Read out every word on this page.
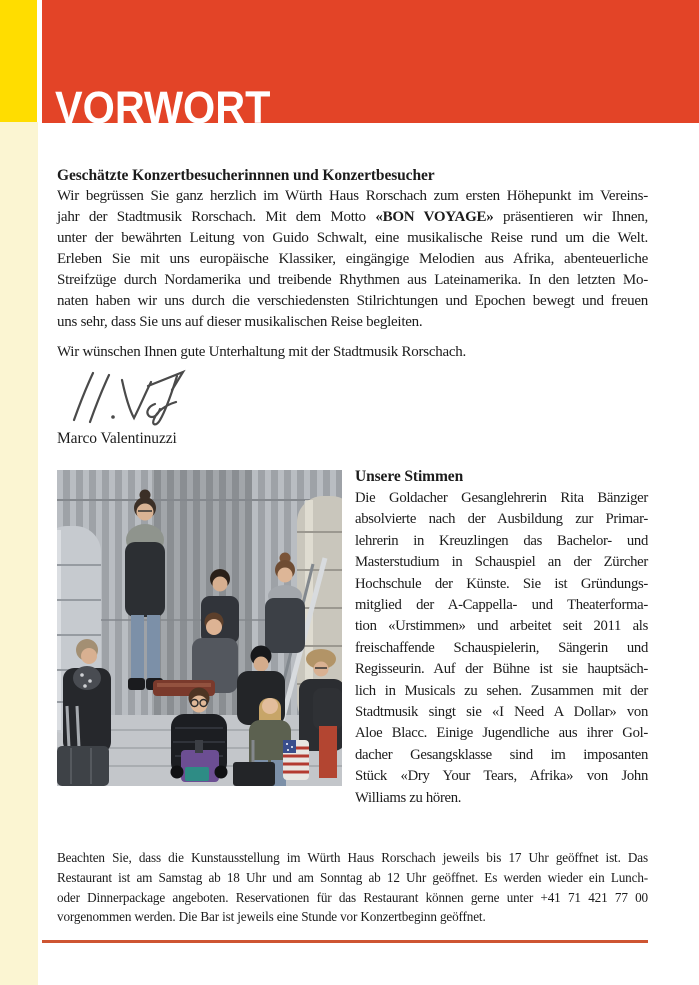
VORWORT
Geschätzte Konzertbesucherinnnen und Konzertbesucher
Wir begrüssen Sie ganz herzlich im Würth Haus Rorschach zum ersten Höhepunkt im Vereins-
jahr der Stadtmusik Rorschach. Mit dem Motto «BON VOYAGE» präsentieren wir Ihnen,
unter der bewährten Leitung von Guido Schwalt, eine musikalische Reise rund um die Welt.
Erleben Sie mit uns europäische Klassiker, eingängige Melodien aus Afrika, abenteuerliche
Streifzüge durch Nordamerika und treibende Rhythmen aus Lateinamerika. In den letzten Mo-
naten haben wir uns durch die verschiedensten Stilrichtungen und Epochen bewegt und freuen
uns sehr, dass Sie uns auf dieser musikalischen Reise begleiten.
Wir wünschen Ihnen gute Unterhaltung mit der Stadtmusik Rorschach.
Marco Valentinuzzi
Unsere Stimmen
Die Goldacher Gesanglehrerin Rita Bänziger
absolvierte nach der Ausbildung zur Primar-
lehrerin in Kreuzlingen das Bachelor- und
Masterstudium in Schauspiel an der Zürcher
Hochschule der Künste. Sie ist Gründungs-
mitglied der A-Cappella- und Theaterforma-
tion «Urstimmen» und arbeitet seit 2011 als
freischaffende Schauspielerin, Sängerin und
Regisseurin. Auf der Bühne ist sie hauptsäch-
lich in Musicals zu sehen. Zusammen mit der
Stadtmusik singt sie «I Need A Dollar» von
Aloe Blacc. Einige Jugendliche aus ihrer Gol-
dacher Gesangsklasse sind im imposanten
Stück «Dry Your Tears, Afrika» von John
Williams zu hören.
Beachten Sie, dass die Kunstausstellung im Würth Haus Rorschach jeweils bis 17 Uhr geöffnet ist. Das
Restaurant ist am Samstag ab 18 Uhr und am Sonntag ab 12 Uhr geöffnet. Es werden wieder ein Lunch-
oder Dinnerpackage angeboten. Reservationen für das Restaurant können gerne unter +41 71 421 77 00
vorgenommen werden. Die Bar ist jeweils eine Stunde vor Konzertbeginn geöffnet.
